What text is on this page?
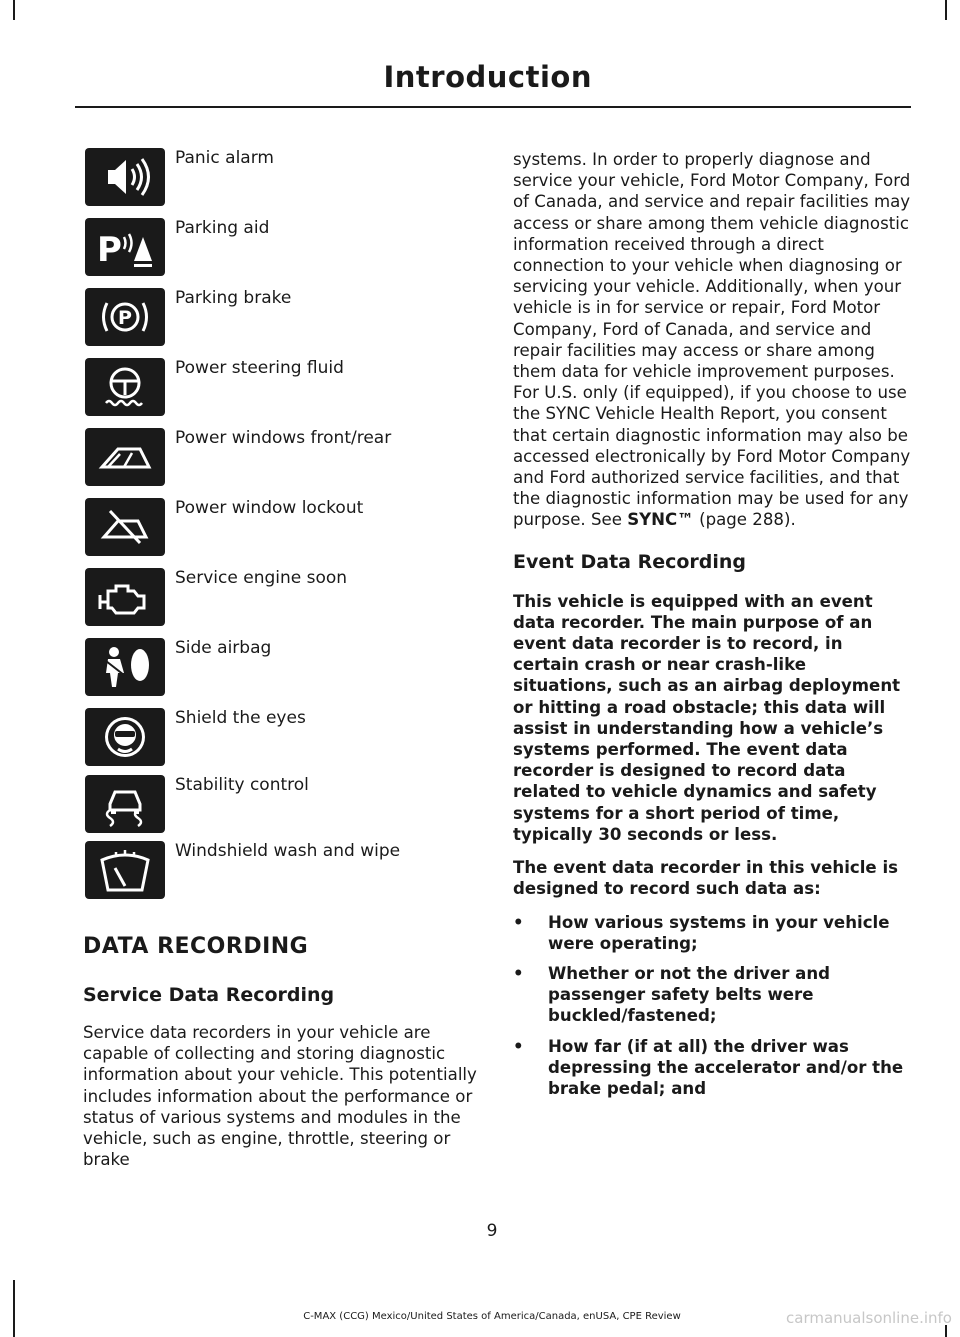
Introduction
Panic alarm
P
Parking aid
P
Parking brake
Power steering fluid
Power windows front/rear
Power window lockout
Service engine soon
Side airbag
Shield the eyes
Stability control
Windshield wash and wipe
DATA RECORDING
Service Data Recording

Service data recorders in your vehicle are capable of collecting and storing diagnostic information about your vehicle. This potentially includes information about the performance or status of various systems and modules in the vehicle, such as engine, throttle, steering or brake

systems. In order to properly diagnose and service your vehicle, Ford Motor Company, Ford of Canada, and service and repair facilities may access or share among them vehicle diagnostic information received through a direct connection to your vehicle when diagnosing or servicing your vehicle. Additionally, when your vehicle is in for service or repair, Ford Motor Company, Ford of Canada, and service and repair facilities may access or share among them data for vehicle improvement purposes. For U.S. only (if equipped), if you choose to use the SYNC Vehicle Health Report, you consent that certain diagnostic information may also be accessed electronically by Ford Motor Company and Ford authorized service facilities, and that the diagnostic information may be used for any purpose. See SYNC™ (page 288).

Event Data Recording

This vehicle is equipped with an event data recorder. The main purpose of an event data recorder is to record, in certain crash or near crash-like situations, such as an airbag deployment or hitting a road obstacle; this data will assist in understanding how a vehicle’s systems performed. The event data recorder is designed to record data related to vehicle dynamics and safety systems for a short period of time, typically 30 seconds or less.

The event data recorder in this vehicle is designed to record such data as:

• How various systems in your vehicle were operating;
• Whether or not the driver and passenger safety belts were buckled/fastened;
• How far (if at all) the driver was depressing the accelerator and/or the brake pedal; and
9
C-MAX (CCG) Mexico/United States of America/Canada, enUSA, CPE Review	carmanualsonline.info
